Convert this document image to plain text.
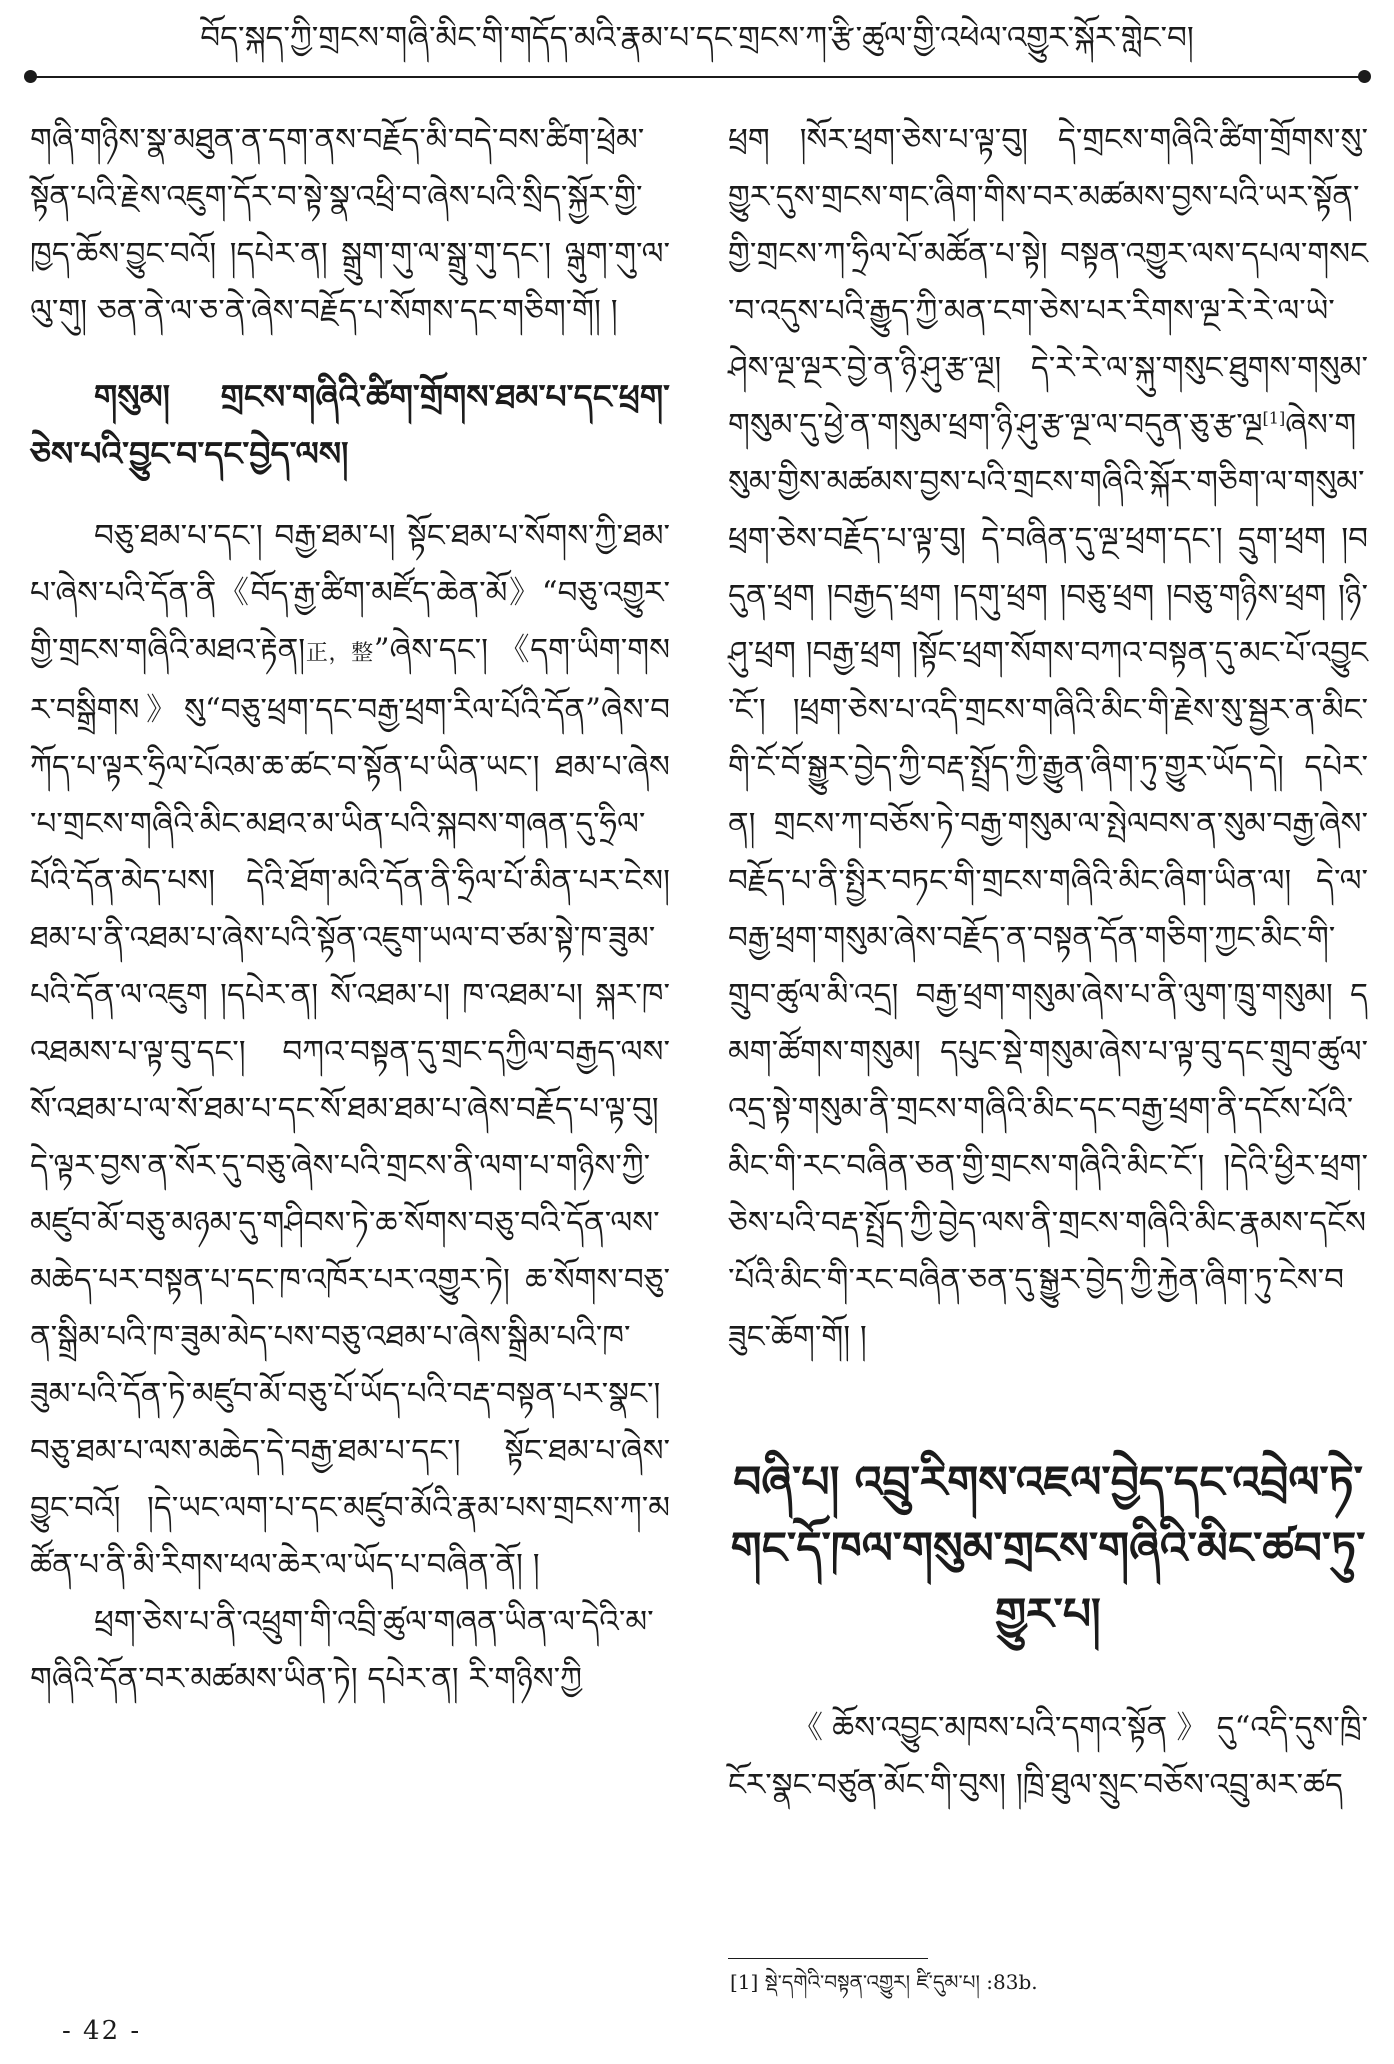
བོད་སྐད་ཀྱི་གྲངས་གཞི་མིང་གི་གདོད་མའི་རྣམ་པ་དང་གྲངས་ཀ་རྩི་ཚུལ་གྱི་འཕེལ་འགྱུར་སྐོར་གླེང་བ།

གཞི་གཉིས་སྣ་མཐུན་ན་དག་ནས་བརྗོད་མི་བདེ་བས་ཚིག་ཕྲེམ་སྟོན་པའི་རྗེས་འཇུག་དོར་བ་སྟེ་སྣ་འཕྲི་བ་ཞེས་པའི་སྲིད་སྐྱོར་གྱི་ཁྱད་ཆོས་བྱུང་བའོ། །དཔེར་ན། སྒྲུག་གུ་ལ་སྒྲུ་གུ་དང་། ལྒུག་གུ་ལ་ལུ་གུ། ཅན་ནེ་ལ་ཅ་ནེ་ཞེས་བརྗོད་པ་སོགས་དང་གཅིག་གོ། །

གསུམ། གྲངས་གཞིའི་ཚིག་གྲོགས་ཐམ་པ་དང་ཕྲག་ཅེས་པའི་བྱུང་བ་དང་བྱེད་ལས།

བཅུ་ཐམ་པ་དང་། བརྒྱ་ཐམ་པ། སྟོང་ཐམ་པ་སོགས་ཀྱི་ཐམ་པ་ཞེས་པའི་དོན་ནི《བོད་རྒྱ་ཚིག་མཛོད་ཆེན་མོ》“བཅུ་འགྱུར་གྱི་གྲངས་གཞིའི་མཐའ་རྟེན།正，整”ཞེས་དང་། 《དག་ཡིག་གསར་བསྒྲིགས》སུ“བཅུ་ཕྲག་དང་བརྒྱ་ཕྲག་རིལ་པོའི་དོན”ཞེས་བཀོད་པ་ལྟར་ཧྲིལ་པོའམ་ཆ་ཚང་བ་སྟོན་པ་ཡིན་ཡང་། ཐམ་པ་ཞེས་པ་གྲངས་གཞིའི་མིང་མཐའ་མ་ཡིན་པའི་སྐབས་གཞན་དུ་ཧྲིལ་པོའི་དོན་མེད་པས། དེའི་ཐོག་མའི་དོན་ནི་ཧྲིལ་པོ་མིན་པར་ངེས། ཐམ་པ་ནི་འཐམ་པ་ཞེས་པའི་སྟོན་འཇུག་ཡལ་བ་ཙམ་སྟེ་ཁ་ཟུམ་པའི་དོན་ལ་འཇུག །དཔེར་ན། སོ་འཐམ་པ། ཁ་འཐམ་པ། སྐར་ཁ་འཐམས་པ་ལྟ་བུ་དང་། བཀའ་བསྟན་དུ་གྲང་དཀྱིལ་བརྒྱད་ལས་སོ་འཐམ་པ་ལ་སོ་ཐམ་པ་དང་སོ་ཐམ་ཐམ་པ་ཞེས་བརྗོད་པ་ལྟ་བུ། དེ་ལྟར་བྱས་ན་སོར་དུ་བཅུ་ཞེས་པའི་གྲངས་ནི་ལག་པ་གཉིས་ཀྱི་མཛུབ་མོ་བཅུ་མཉམ་དུ་གཤིབས་ཏེ་ཆ་སོགས་བཅུ་བའི་དོན་ལས་མཆེད་པར་བསྟན་པ་དང་ཁ་འཁོར་པར་འགྱུར་ཏེ། ཆ་སོགས་བཅུ་ན་སྒྲིམ་པའི་ཁ་ཟུམ་མེད་པས་བཅུ་འཐམ་པ་ཞེས་སྒྲིམ་པའི་ཁ་ཟུམ་པའི་དོན་ཏེ་མཛུབ་མོ་བཅུ་པོ་ཡོད་པའི་བརྡ་བསྟན་པར་སྣང་། བཅུ་ཐམ་པ་ལས་མཆེད་དེ་བརྒྱ་ཐམ་པ་དང་། སྟོང་ཐམ་པ་ཞེས་བྱུང་བའོ། །དེ་ཡང་ལག་པ་དང་མཛུབ་མོའི་རྣམ་པས་གྲངས་ཀ་མཚོན་པ་ནི་མི་རིགས་ཕལ་ཆེར་ལ་ཡོད་པ་བཞིན་ནོ། །

ཕྲག་ཅེས་པ་ནི་འཕྲུག་གི་འབྲི་ཚུལ་གཞན་ཡིན་ལ་དེའི་མ་གཞིའི་དོན་བར་མཚམས་ཡིན་ཏེ། དཔེར་ན། རི་གཉིས་ཀྱི

ཕྲག །སོར་ཕྲག་ཅེས་པ་ལྟ་བུ། དེ་གྲངས་གཞིའི་ཚིག་གྲོགས་སུ་གྱུར་དུས་གྲངས་གང་ཞིག་གིས་བར་མཚམས་བྱས་པའི་ཡར་སྟོན་གྱི་གྲངས་ཀ་ཧྲིལ་པོ་མཚོན་པ་སྟེ། བསྟན་འགྱུར་ལས་དཔལ་གསང་བ་འདུས་པའི་རྒྱུད་ཀྱི་མན་ངག་ཅེས་པར་རིགས་ལྔ་རེ་རེ་ལ་ཡེ་ཤེས་ལྔ་ལྔར་བྱེ་ན་ཉི་ཤུ་རྩ་ལྔ། དེ་རེ་རེ་ལ་སྐུ་གསུང་ཐུགས་གསུམ་གསུམ་དུ་ཕྱེ་ན་གསུམ་ཕྲག་ཉི་ཤུ་རྩ་ལྔ་ལ་བདུན་ཅུ་རྩ་ལྔ[1]ཞེས་གསུམ་གྱིས་མཚམས་བྱས་པའི་གྲངས་གཞིའི་སྐོར་གཅིག་ལ་གསུམ་ཕྲག་ཅེས་བརྗོད་པ་ལྟ་བུ། དེ་བཞིན་དུ་ལྔ་ཕྲག་དང་། དྲུག་ཕྲག །བདུན་ཕྲག །བརྒྱད་ཕྲག །དགུ་ཕྲག །བཅུ་ཕྲག །བཅུ་གཉིས་ཕྲག །ཉི་ཤུ་ཕྲག །བརྒྱ་ཕྲག །སྟོང་ཕྲག་སོགས་བཀའ་བསྟན་དུ་མང་པོ་འབྱུང་ངོ་། །ཕྲག་ཅེས་པ་འདི་གྲངས་གཞིའི་མིང་གི་རྗེས་སུ་སྦྱར་ན་མིང་གི་ངོ་བོ་སྒྱུར་བྱེད་ཀྱི་བརྡ་སྤྲོད་ཀྱི་རྒྱུན་ཞིག་ཏུ་གྱུར་ཡོད་དེ། དཔེར་ན། གྲངས་ཀ་བཅོས་ཏེ་བརྒྱ་གསུམ་ལ་སྤེལབས་ན་སུམ་བརྒྱ་ཞེས་བརྗོད་པ་ནི་སྤྱིར་བཏང་གི་གྲངས་གཞིའི་མིང་ཞིག་ཡིན་ལ། དེ་ལ་བརྒྱ་ཕྲག་གསུམ་ཞེས་བརྗོད་ན་བསྟན་དོན་གཅིག་ཀྱང་མིང་གི་གྲུབ་ཚུལ་མི་འདྲ། བརྒྱ་ཕྲག་གསུམ་ཞེས་པ་ནི་ལུག་ཁྲུ་གསུམ། དམག་ཚོགས་གསུམ། དཔུང་སྡེ་གསུམ་ཞེས་པ་ལྟ་བུ་དང་གྲུབ་ཚུལ་འདྲ་སྟེ་གསུམ་ནི་གྲངས་གཞིའི་མིང་དང་བརྒྱ་ཕྲག་ནི་དངོས་པོའི་མིང་གི་རང་བཞིན་ཅན་གྱི་གྲངས་གཞིའི་མིང་ངོ་། །དེའི་ཕྱིར་ཕྲག་ཅེས་པའི་བརྡ་སྤྲོད་ཀྱི་བྱེད་ལས་ནི་གྲངས་གཞིའི་མིང་རྣམས་དངོས་པོའི་མིང་གི་རང་བཞིན་ཅན་དུ་སྒྱུར་བྱེད་ཀྱི་རྐྱེན་ཞིག་ཏུ་ངེས་བཟུང་ཆོག་གོ། །

བཞི་པ། འབྲུ་རིགས་འཇལ་བྱེད་དང་འབྲེལ་ཏེ་གང་དོ་ཁལ་གསུམ་གྲངས་གཞིའི་མིང་ཚབ་ཏུ་གྱུར་པ།

《ཆོས་འབྱུང་མཁས་པའི་དགའ་སྟོན》དུ“འདི་དུས་ཁྲི་ངོར་སྣང་བཙུན་མོང་གི་བུས། །ཁྲི་ཐུལ་སྲུང་བཅོས་འབྲུ་མར་ཚད

[1] སྡེ་དགེའི་བསྟན་འགྱུར། ཛི་དུམ་པ། :83b.
- 42 -
